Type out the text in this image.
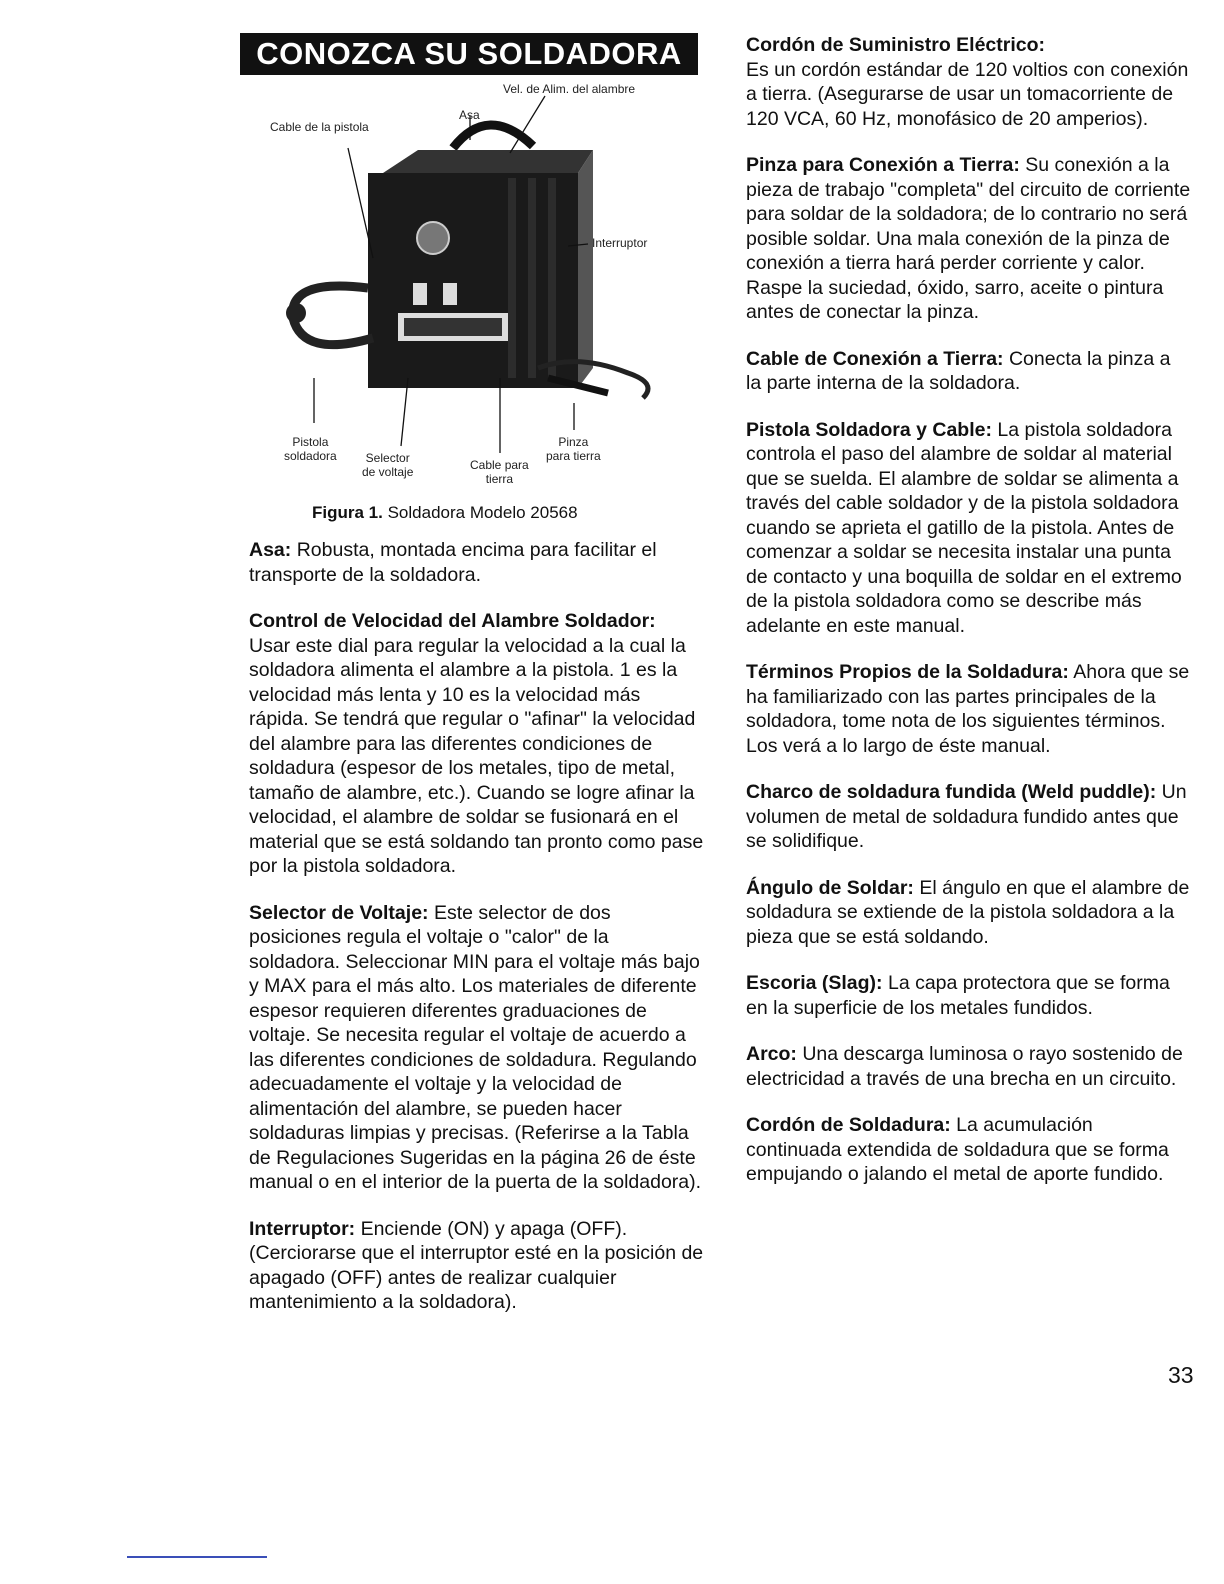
CONOZCA SU SOLDADORA
Vel. de Alim. del alambre
Asa
Cable de la pistola
Interruptor
Pistola
soldadora	Selector
de voltaje	Cable para
tierra
Pinza
para tierra
Figura 1. Soldadora Modelo 20568

Asa: Robusta, montada encima para facilitar el transporte de la soldadora.

Control de Velocidad del Alambre Soldador:
Usar este dial para regular la velocidad a la cual la soldadora alimenta el alambre a la pistola. 1 es la velocidad más lenta y 10 es la velocidad más rápida. Se tendrá que regular o "afinar" la velocidad del alambre para las diferentes condiciones de soldadura (espesor de los metales, tipo de metal, tamaño de alambre, etc.). Cuando se logre afinar la velocidad, el alambre de soldar se fusionará en el material que se está soldando tan pronto como pase por la pistola soldadora.

Selector de Voltaje: Este selector de dos posiciones regula el voltaje o "calor" de la soldadora. Seleccionar MIN para el voltaje más bajo y MAX para el más alto. Los materiales de diferente espesor requieren diferentes graduaciones de voltaje. Se necesita regular el voltaje de acuerdo a las diferentes condiciones de soldadura. Regulando adecuadamente el voltaje y la velocidad de alimentación del alambre, se pueden hacer soldaduras limpias y precisas. (Referirse a la Tabla de Regulaciones Sugeridas en la página 26 de éste manual o en el interior de la puerta de la soldadora).

Interruptor: Enciende (ON) y apaga (OFF). (Cerciorarse que el interruptor esté en la posición de apagado (OFF) antes de realizar cualquier mantenimiento a la soldadora).

Cordón de Suministro Eléctrico:
Es un cordón estándar de 120 voltios con conexión a tierra. (Asegurarse de usar un tomacorriente de 120 VCA, 60 Hz, monofásico de 20 amperios).

Pinza para Conexión a Tierra: Su conexión a la pieza de trabajo "completa" del circuito de corriente para soldar de la soldadora; de lo contrario no será posible soldar. Una mala conexión de la pinza de conexión a tierra hará perder corriente y calor. Raspe la suciedad, óxido, sarro, aceite o pintura antes de conectar la pinza.

Cable de Conexión a Tierra: Conecta la pinza a la parte interna de la soldadora.

Pistola Soldadora y Cable: La pistola soldadora controla el paso del alambre de soldar al material que se suelda. El alambre de soldar se alimenta a través del cable soldador y de la pistola soldadora cuando se aprieta el gatillo de la pistola. Antes de comenzar a soldar se necesita instalar una punta de contacto y una boquilla de soldar en el extremo de la pistola soldadora como se describe más adelante en este manual.

Términos Propios de la Soldadura: Ahora que se ha familiarizado con las partes principales de la soldadora, tome nota de los siguientes términos. Los verá a lo largo de éste manual.

Charco de soldadura fundida (Weld puddle): Un volumen de metal de soldadura fundido antes que se solidifique.

Ángulo de Soldar: El ángulo en que el alambre de soldadura se extiende de la pistola soldadora a la pieza que se está soldando.

Escoria (Slag): La capa protectora que se forma en la superficie de los metales fundidos.

Arco: Una descarga luminosa o rayo sostenido de electricidad a través de una brecha en un circuito.

Cordón de Soldadura: La acumulación continuada extendida de soldadura que se forma empujando o jalando el metal de aporte fundido.

33
